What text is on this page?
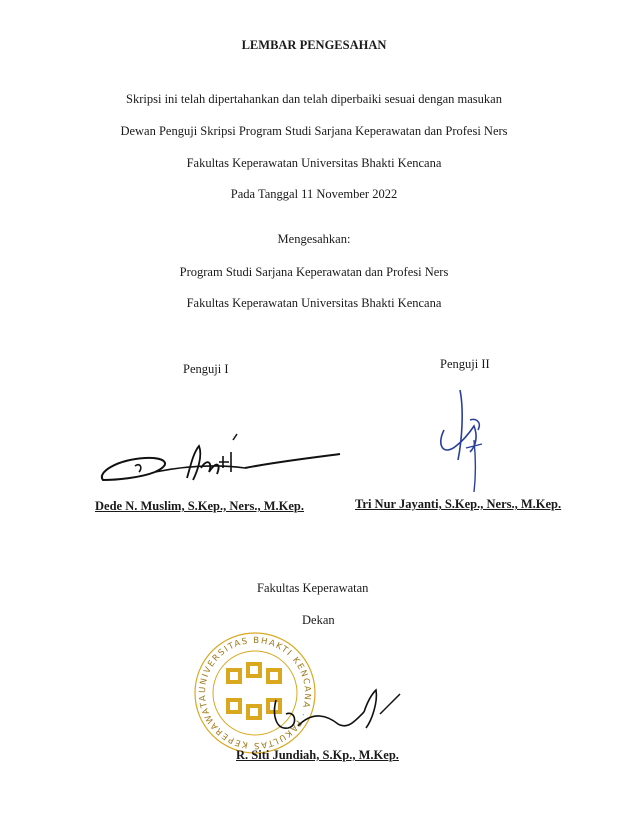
LEMBAR PENGESAHAN
Skripsi ini telah dipertahankan dan telah diperbaiki sesuai dengan masukan
Dewan Penguji Skripsi Program Studi Sarjana Keperawatan dan Profesi Ners
Fakultas Keperawatan Universitas Bhakti Kencana
Pada Tanggal 11 November 2022
Mengesahkan:
Program Studi Sarjana Keperawatan dan Profesi Ners
Fakultas Keperawatan Universitas Bhakti Kencana
Penguji I	Penguji II
Dede N. Muslim, S.Kep., Ners., M.Kep.	Tri Nur Jayanti, S.Kep., Ners., M.Kep.
Fakultas Keperawatan
Dekan
UNIVERSITAS BHAKTI KENCANA · FAKULTAS KEPERAWATAN
R. Siti Jundiah, S.Kp., M.Kep.
